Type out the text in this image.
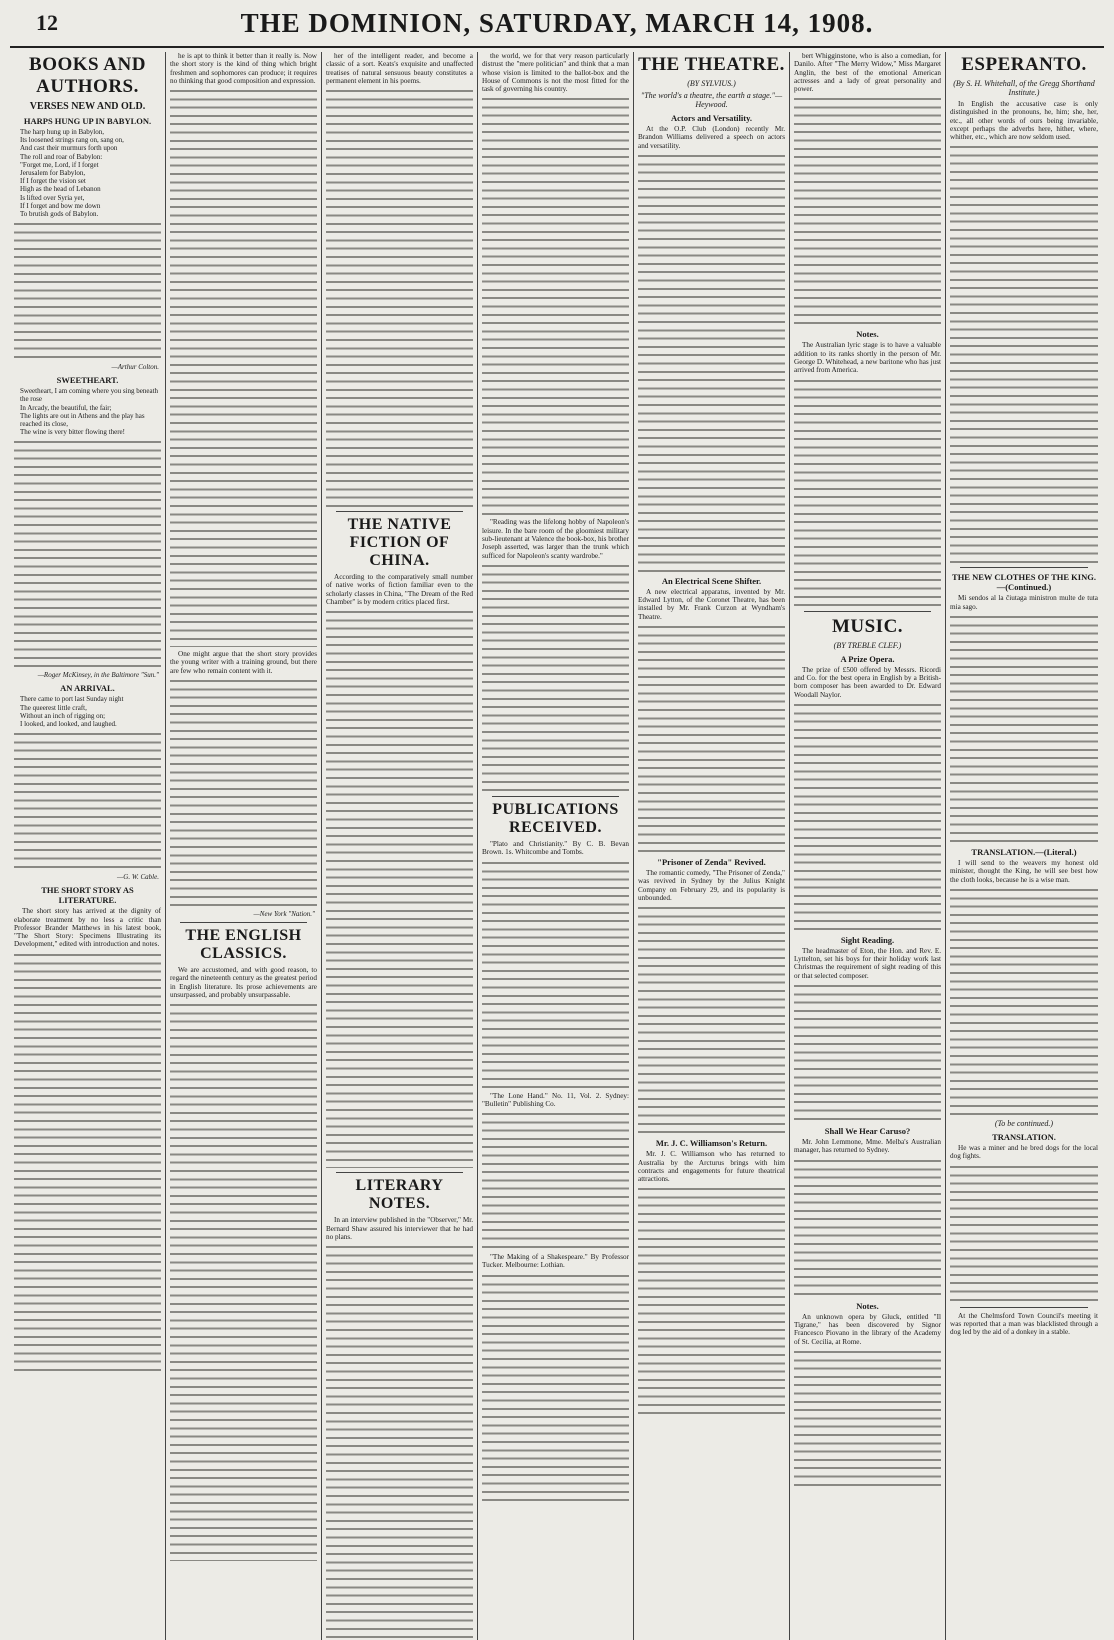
12	THE DOMINION, SATURDAY, MARCH 14, 1908.
BOOKS AND AUTHORS.
VERSES NEW AND OLD.
HARPS HUNG UP IN BABYLON.
The harp hung up in Babylon,
Its loosened strings rang on, sang on,
And cast their murmurs forth upon
The roll and roar of Babylon:
"Forget me, Lord, if I forget
Jerusalem for Babylon,
If I forget the vision set
High as the head of Lebanon
Is lifted over Syria yet,
If I forget and bow me down
To brutish gods of Babylon.
—Arthur Colton.
SWEETHEART.
Sweetheart, I am coming where you sing beneath the rose
In Arcady, the beautiful, the fair;
The lights are out in Athens and the play has reached its close,
The wine is very bitter flowing there!
—Roger McKinsey, in the Baltimore "Sun."
AN ARRIVAL.
There came to port last Sunday night
The queerest little craft,
Without an inch of rigging on;
I looked, and looked, and laughed.
—G. W. Cable.
THE SHORT STORY AS LITERATURE.
The short story has arrived at the dignity of elaborate treatment by no less a critic than Professor Brander Matthews in his latest book, "The Short Story: Specimens Illustrating its Development," edited with introduction and notes.
he is apt to think it better than it really is. Now the short story is the kind of thing which bright freshmen and sophomores can produce; it requires no thinking that good composition and expression.
One might argue that the short story provides the young writer with a training ground, but there are few who remain content with it.
—New York "Nation."
THE ENGLISH CLASSICS.
We are accustomed, and with good reason, to regard the nineteenth century as the greatest period in English literature. Its prose achievements are unsurpassed, and probably unsurpassable.
her of the intelligent reader, and become a classic of a sort. Keats's exquisite and unaffected treatises of natural sensuous beauty constitutes a permanent element in his poems.
THE NATIVE FICTION OF CHINA.
According to the comparatively small number of native works of fiction familiar even to the scholarly classes in China, "The Dream of the Red Chamber" is by modern critics placed first.
LITERARY NOTES.
In an interview published in the "Observer," Mr. Bernard Shaw assured his interviewer that he had no plans.
the world, we for that very reason particularly distrust the "mere politician" and think that a man whose vision is limited to the ballot-box and the House of Commons is not the most fitted for the task of governing his country.
"Reading was the lifelong hobby of Napoleon's leisure. In the bare room of the gloomiest military sub-lieutenant at Valence the book-box, his brother Joseph asserted, was larger than the trunk which sufficed for Napoleon's scanty wardrobe."
PUBLICATIONS RECEIVED.
"Plato and Christianity." By C. B. Bevan Brown. 1s. Whitcombe and Tombs.
"The Lone Hand." No. 11, Vol. 2. Sydney: "Bulletin" Publishing Co.
"The Making of a Shakespeare." By Professor Tucker. Melbourne: Lothian.
THE THEATRE.
(BY SYLVIUS.)
"The world's a theatre, the earth a stage."—Heywood.
Actors and Versatility.
At the O.P. Club (London) recently Mr. Brandon Williams delivered a speech on actors and versatility.
An Electrical Scene Shifter.
A new electrical apparatus, invented by Mr. Edward Lytton, of the Coronet Theatre, has been installed by Mr. Frank Curzon at Wyndham's Theatre.
"Prisoner of Zenda" Revived.
The romantic comedy, "The Prisoner of Zenda," was revived in Sydney by the Julius Knight Company on February 29, and its popularity is unbounded.
Mr. J. C. Williamson's Return.
Mr. J. C. Williamson who has returned to Australia by the Arcturus brings with him contracts and engagements for future theatrical attractions.
bert Whigginstone, who is also a comedian, for Danilo. After "The Merry Widow," Miss Margaret Anglin, the best of the emotional American actresses and a lady of great personality and power.
Notes.
The Australian lyric stage is to have a valuable addition to its ranks shortly in the person of Mr. George D. Whitehead, a new baritone who has just arrived from America.
MUSIC.
(BY TREBLE CLEF.)
A Prize Opera.
The prize of £500 offered by Messrs. Ricordi and Co. for the best opera in English by a British-born composer has been awarded to Dr. Edward Woodall Naylor.
Sight Reading.
The headmaster of Eton, the Hon. and Rev. E. Lyttelton, set his boys for their holiday work last Christmas the requirement of sight reading of this or that selected composer.
Shall We Hear Caruso?
Mr. John Lemmone, Mme. Melba's Australian manager, has returned to Sydney.
Notes.
An unknown opera by Gluck, entitled "Il Tigrane," has been discovered by Signor Francesco Piovano in the library of the Academy of St. Cecilia, at Rome.
ESPERANTO.
(By S. H. Whitehall, of the Gregg Shorthand Institute.)
In English the accusative case is only distinguished in the pronouns, he, him; she, her, etc., all other words of ours being invariable, except perhaps the adverbs here, hither, where, whither, etc., which are now seldom used.
THE NEW CLOTHES OF THE KING.—(Continued.)
Mi sendos al la ĉiutaga ministron multe de tuta mia sago.
TRANSLATION.—(Literal.)
I will send to the weavers my honest old minister, thought the King, he will see best how the cloth looks, because he is a wise man.
(To be continued.)
TRANSLATION.
He was a miner and he bred dogs for the local dog fights.
At the Chelmsford Town Council's meeting it was reported that a man was blacklisted through a dog led by the aid of a donkey in a stable.
